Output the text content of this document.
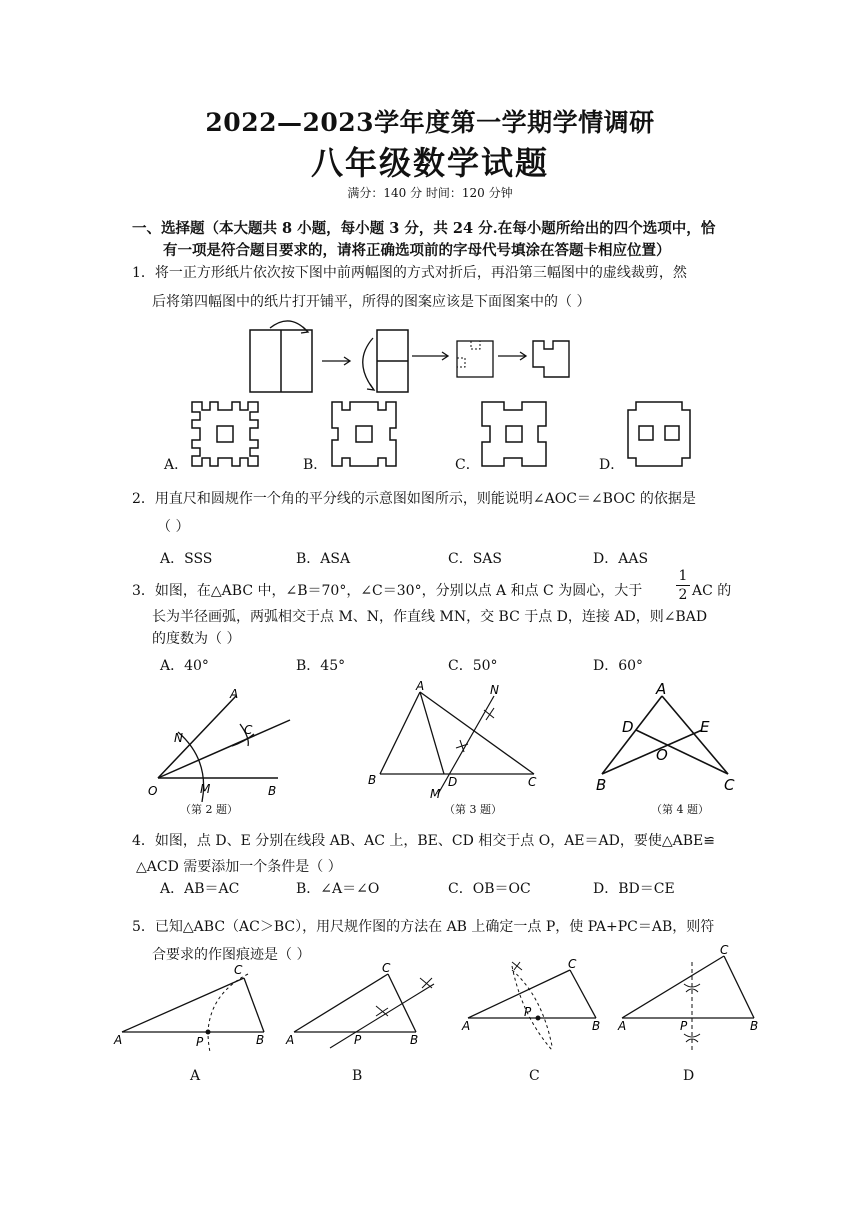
2022—2023学年度第一学期学情调研
八年级数学试题
满分：140 分 时间：120 分钟
一、选择题（本大题共 8 小题，每小题 3 分，共 24 分.在每小题所给出的四个选项中，恰
有一项是符合题目要求的，请将正确选项前的字母代号填涂在答题卡相应位置）
1．将一正方形纸片依次按下图中前两幅图的方式对折后，再沿第三幅图中的虚线裁剪，然
后将第四幅图中的纸片打开铺平，所得的图案应该是下面图案中的（ ）
A．	B．	C．	D．
2．用直尺和圆规作一个角的平分线的示意图如图所示，则能说明∠AOC＝∠BOC 的依据是
（ ）
A．SSS	B．ASA	C．SAS	D．AAS
3．如图，在△ABC 中，∠B＝70°，∠C＝30°，分别以点 A 和点 C 为圆心，大于 $\frac{1}{2}$ AC 的
长为半径画弧，两弧相交于点 M、N，作直线 MN，交 BC 于点 D，连接 AD，则∠BAD
的度数为（ ）
A．40°	B．45°	C．50°	D．60°
A
N
C
O	M	B
（第 2 题）
A	N
B	D	C
M
（第 3 题）
A
D	E
O
B	C
（第 4 题）
4．如图，点 D、E 分别在线段 AB、AC 上，BE、CD 相交于点 O，AE＝AD，要使△ABE≌
△ACD 需要添加一个条件是（ ）
A．AB＝AC	B．∠A＝∠O	C．OB＝OC	D．BD＝CE
5．已知△ABC（AC＞BC），用尺规作图的方法在 AB 上确定一点 P，使 PA+PC＝AB，则符
合要求的作图痕迹是（ ）
A	B
C
P	A	B
C
P
A	B
C
P
A	B
C
P
A	B	C	D
